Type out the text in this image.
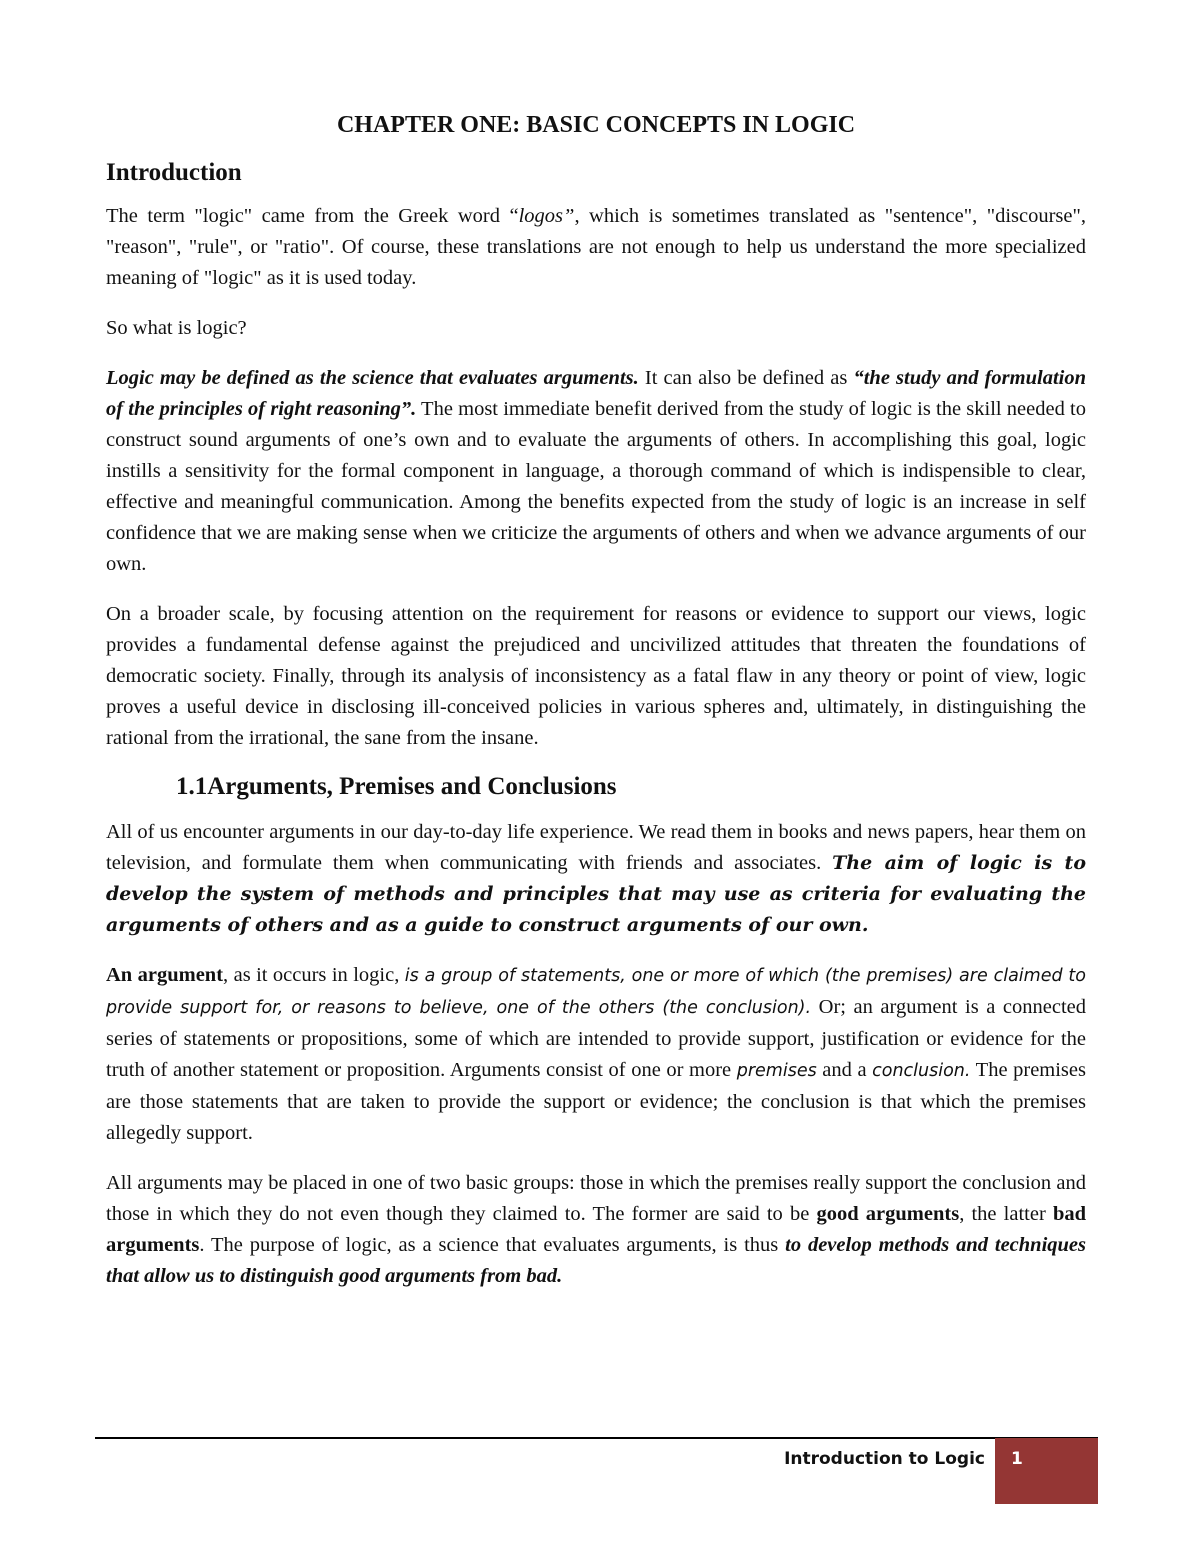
CHAPTER ONE: BASIC CONCEPTS IN LOGIC
Introduction

The term "logic" came from the Greek word “logos”, which is sometimes translated as "sentence", "discourse", "reason", "rule", or "ratio". Of course, these translations are not enough to help us understand the more specialized meaning of "logic" as it is used today.

So what is logic?

Logic may be defined as the science that evaluates arguments. It can also be defined as “the study and formulation of the principles of right reasoning”. The most immediate benefit derived from the study of logic is the skill needed to construct sound arguments of one’s own and to evaluate the arguments of others. In accomplishing this goal, logic instills a sensitivity for the formal component in language, a thorough command of which is indispensible to clear, effective and meaningful communication. Among the benefits expected from the study of logic is an increase in self confidence that we are making sense when we criticize the arguments of others and when we advance arguments of our own.

On a broader scale, by focusing attention on the requirement for reasons or evidence to support our views, logic provides a fundamental defense against the prejudiced and uncivilized attitudes that threaten the foundations of democratic society. Finally, through its analysis of inconsistency as a fatal flaw in any theory or point of view, logic proves a useful device in disclosing ill-conceived policies in various spheres and, ultimately, in distinguishing the rational from the irrational, the sane from the insane.

1.1Arguments, Premises and Conclusions

All of us encounter arguments in our day-to-day life experience. We read them in books and news papers, hear them on television, and formulate them when communicating with friends and associates. The aim of logic is to develop the system of methods and principles that may use as criteria for evaluating the arguments of others and as a guide to construct arguments of our own.

An argument, as it occurs in logic, is a group of statements, one or more of which (the premises) are claimed to provide support for, or reasons to believe, one of the others (the conclusion). Or; an argument is a connected series of statements or propositions, some of which are intended to provide support, justification or evidence for the truth of another statement or proposition. Arguments consist of one or more premises and a conclusion. The premises are those statements that are taken to provide the support or evidence; the conclusion is that which the premises allegedly support.

All arguments may be placed in one of two basic groups: those in which the premises really support the conclusion and those in which they do not even though they claimed to. The former are said to be good arguments, the latter bad arguments. The purpose of logic, as a science that evaluates arguments, is thus to develop methods and techniques that allow us to distinguish good arguments from bad.

Introduction to Logic 1
